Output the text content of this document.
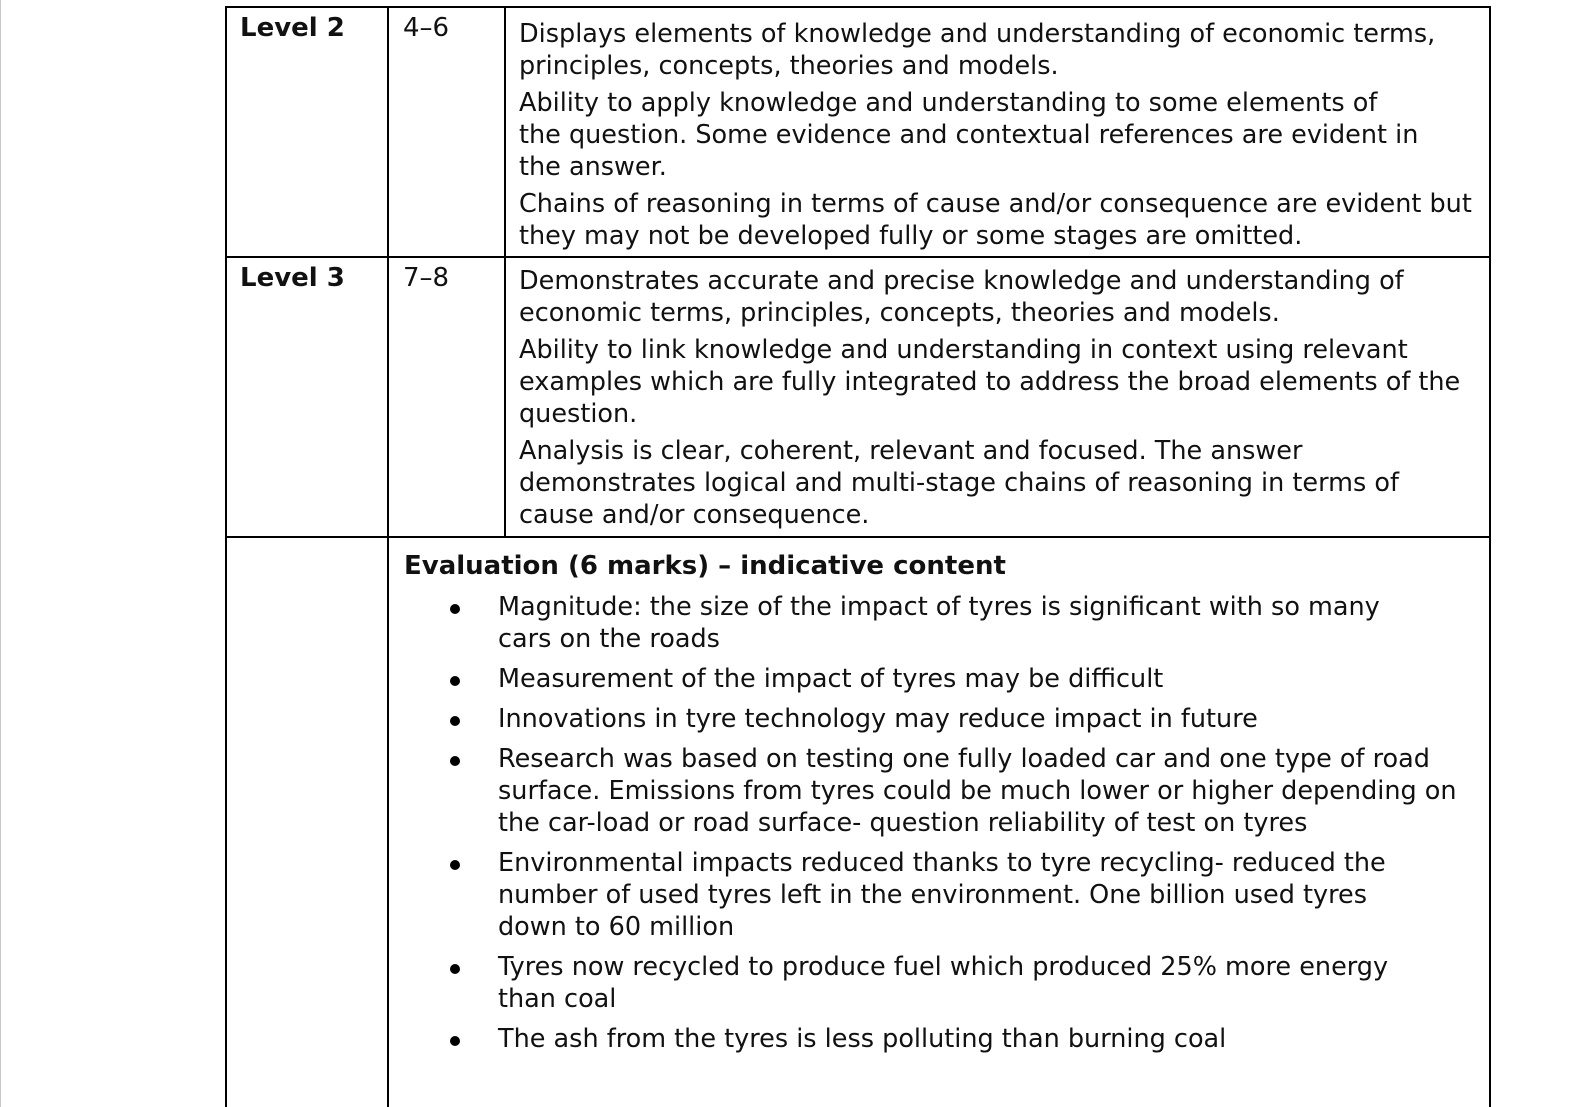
Level 2 4–6	Displays elements of knowledge and understanding of economic terms, principles, concepts, theories and models.

Ability to apply knowledge and understanding to some elements of the question. Some evidence and contextual references are evident in the answer.

Chains of reasoning in terms of cause and/or consequence are evident but they may not be developed fully or some stages are omitted.

Level 3 7–8	Demonstrates accurate and precise knowledge and understanding of economic terms, principles, concepts, theories and models.

Ability to link knowledge and understanding in context using relevant examples which are fully integrated to address the broad elements of the question.

Analysis is clear, coherent, relevant and focused. The answer demonstrates logical and multi-stage chains of reasoning in terms of cause and/or consequence.

Evaluation (6 marks) – indicative content
Magnitude: the size of the impact of tyres is significant with so many cars on the roads
Measurement of the impact of tyres may be difficult
Innovations in tyre technology may reduce impact in future
Research was based on testing one fully loaded car and one type of road surface. Emissions from tyres could be much lower or higher depending on the car-load or road surface- question reliability of test on tyres
Environmental impacts reduced thanks to tyre recycling- reduced the number of used tyres left in the environment. One billion used tyres down to 60 million
Tyres now recycled to produce fuel which produced 25% more energy than coal
The ash from the tyres is less polluting than burning coal
